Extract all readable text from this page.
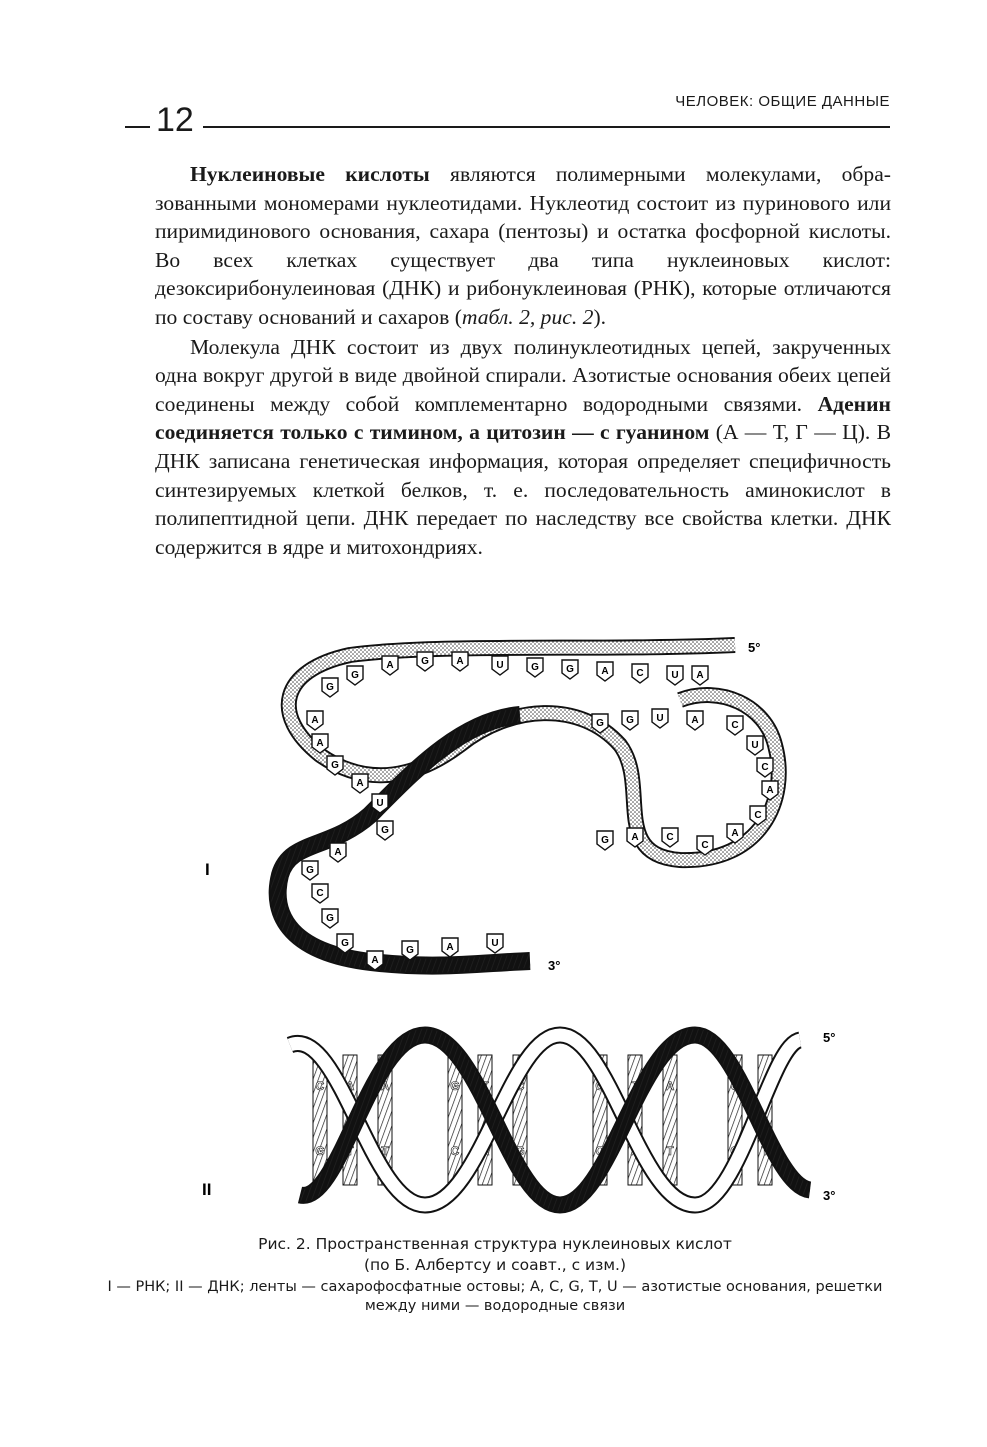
12	ЧЕЛОВЕК: ОБЩИЕ ДАННЫЕ

Нуклеиновые кислоты являются полимерными молекулами, образованными мономерами нуклеотидами. Нуклеотид состоит из пуринового или пиримидинового основания, сахара (пентозы) и остатка фосфорной кислоты. Во всех клетках существует два типа нуклеиновых кислот: дезоксирибонулеиновая (ДНК) и рибонуклеиновая (РНК), которые отличаются по составу оснований и сахаров (табл. 2, рис. 2).

Молекула ДНК состоит из двух полинуклеотидных цепей, закрученных одна вокруг другой в виде двойной спирали. Азотистые основания обеих цепей соединены между собой комплементарно водородными связями. Аденин соединяется только с тимином, а цитозин — с гуанином (А — Т, Г — Ц). В ДНК записана генетическая информация, которая определяет специфичность синтезируемых клеткой белков, т. е. последовательность аминокислот в полипептидной цепи. ДНК передает по наследству все свойства клетки. ДНК содержится в ядре и митохондриях.

G
G
A	G	A	U	G	G	A	C	U A
G G U	A	C
U
C
A
C
A
C
C
A
G
A
A
G
A
U
G
A
G
C
G
G
A
G	A	U
5°
3°
I
C
G
A
T
A
T
G
C
T
A
C
G
G
C
T
A
A
T
C
G
A
T
5°
3°
II
Рис. 2. Пространственная структура нуклеиновых кислот
(по Б. Албертсу и соавт., с изм.)
I — РНК; II — ДНК; ленты — сахарофосфатные остовы; А, С, G, T, U — азотистые основания, решетки между ними — водородные связи
